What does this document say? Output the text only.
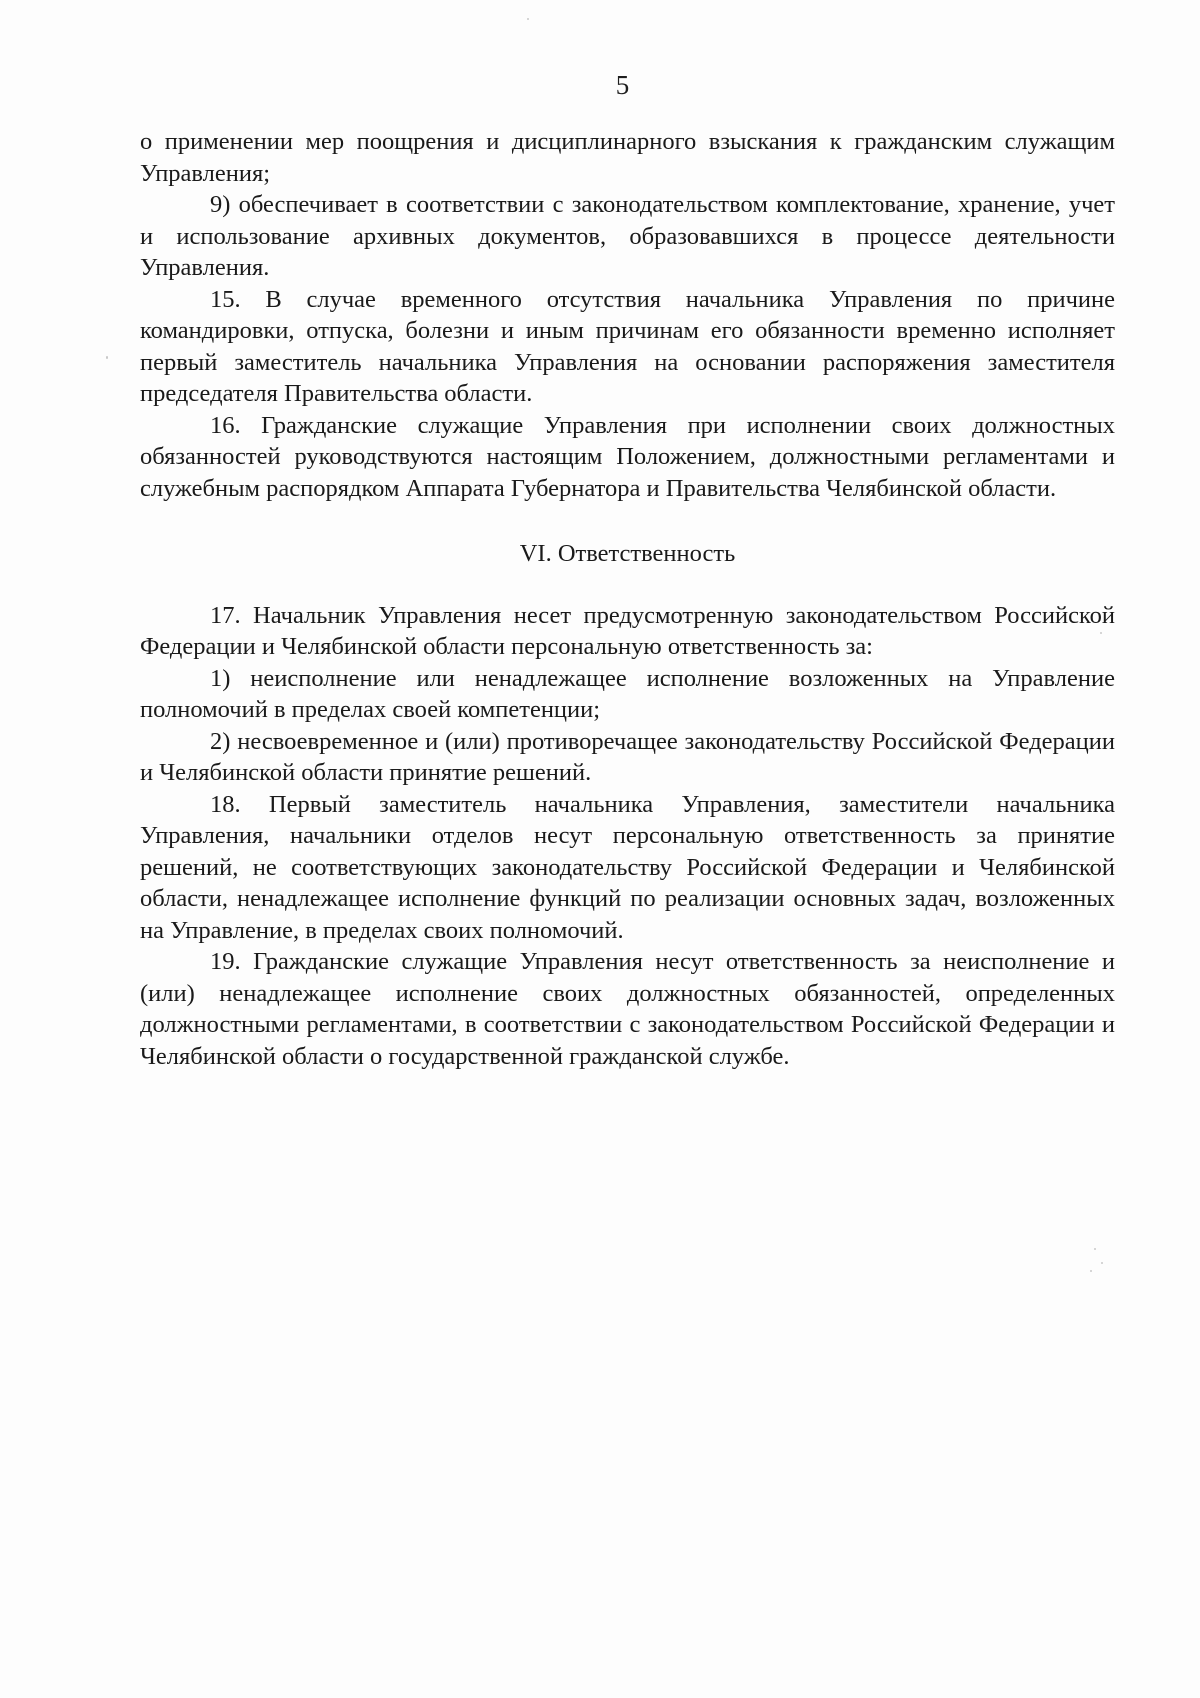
5

о применении мер поощрения и дисциплинарного взыскания к гражданским служащим Управления;

9) обеспечивает в соответствии с законодательством комплектование, хранение, учет и использование архивных документов, образовавшихся в процессе деятельности Управления.

15. В случае временного отсутствия начальника Управления по причине командировки, отпуска, болезни и иным причинам его обязанности временно исполняет первый заместитель начальника Управления на основании распоряжения заместителя председателя Правительства области.

16. Гражданские служащие Управления при исполнении своих должностных обязанностей руководствуются настоящим Положением, должностными регламентами и служебным распорядком Аппарата Губернатора и Правительства Челябинской области.

VI. Ответственность

17. Начальник Управления несет предусмотренную законодательством Российской Федерации и Челябинской области персональную ответственность за:

1) неисполнение или ненадлежащее исполнение возложенных на Управление полномочий в пределах своей компетенции;

2) несвоевременное и (или) противоречащее законодательству Российской Федерации и Челябинской области принятие решений.

18. Первый заместитель начальника Управления, заместители начальника Управления, начальники отделов несут персональную ответственность за принятие решений, не соответствующих законодательству Российской Федерации и Челябинской области, ненадлежащее исполнение функций по реализации основных задач, возложенных на Управление, в пределах своих полномочий.

19. Гражданские служащие Управления несут ответственность за неисполнение и (или) ненадлежащее исполнение своих должностных обязанностей, определенных должностными регламентами, в соответствии с законодательством Российской Федерации и Челябинской области о государственной гражданской службе.
